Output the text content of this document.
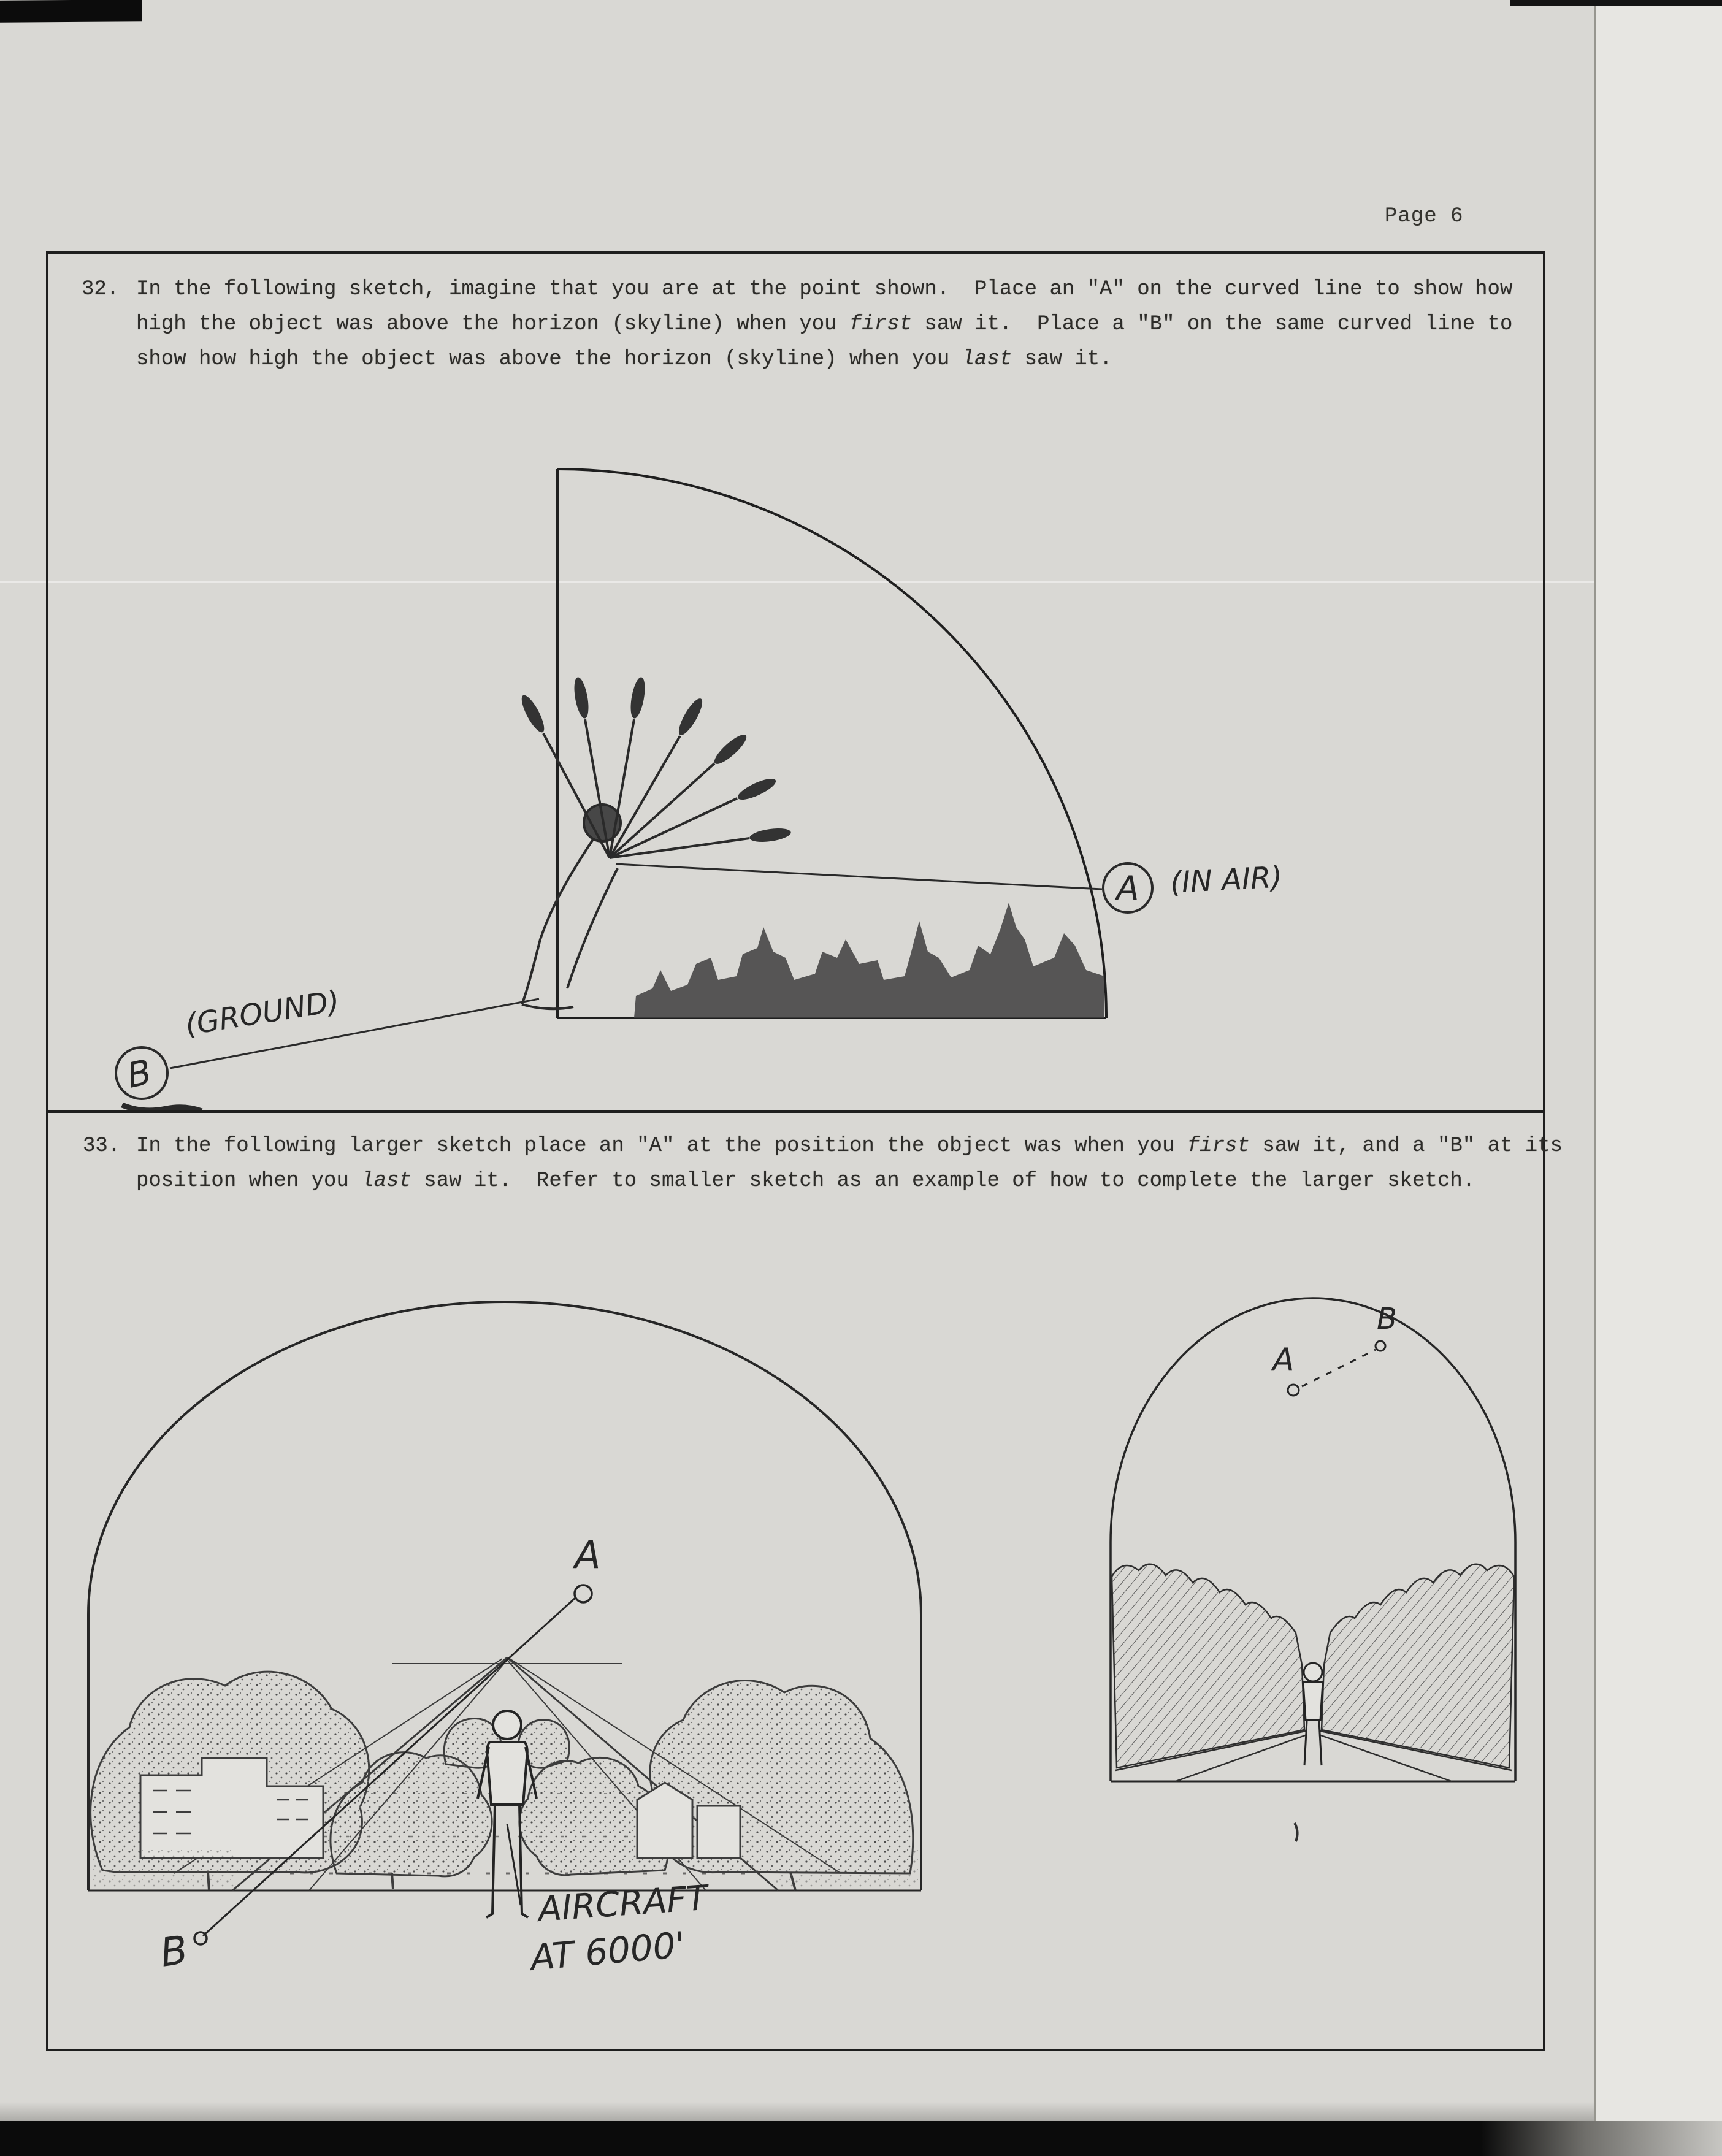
Page 6
32. In the following sketch, imagine that you are at the point shown.  Place an "A" on the curved line to show how
high the object was above the horizon (skyline) when you first saw it.  Place a "B" on the same curved line to
show how high the object was above the horizon (skyline) when you last saw it.
A (IN AIR)
B
(GROUND)
33. In the following larger sketch place an "A" at the position the object was when you first saw it, and a "B" at its
position when you last saw it.  Refer to smaller sketch as an example of how to complete the larger sketch.
A
B
AIRCRAFT
AT 6000'
A
B
